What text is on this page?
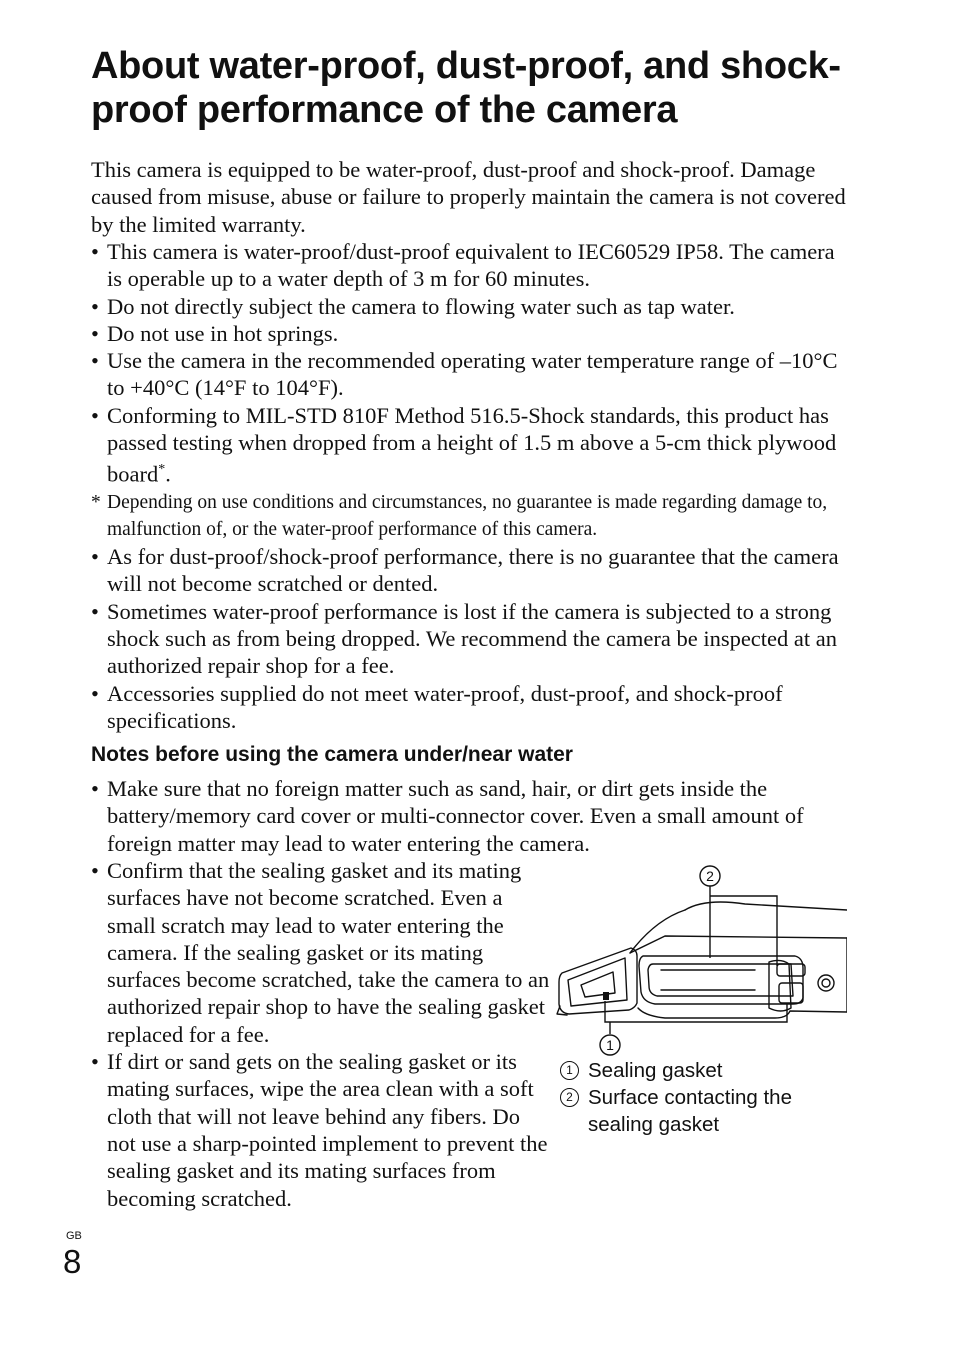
About water-proof, dust-proof, and shock-proof performance of the camera

This camera is equipped to be water-proof, dust-proof and shock-proof. Damage caused from misuse, abuse or failure to properly maintain the camera is not covered by the limited warranty.

• This camera is water-proof/dust-proof equivalent to IEC60529 IP58. The camera is operable up to a water depth of 3 m for 60 minutes.
• Do not directly subject the camera to flowing water such as tap water.
• Do not use in hot springs.
• Use the camera in the recommended operating water temperature range of –10°C to +40°C (14°F to 104°F).
• Conforming to MIL-STD 810F Method 516.5-Shock standards, this product has passed testing when dropped from a height of 1.5 m above a 5-cm thick plywood board*.

* Depending on use conditions and circumstances, no guarantee is made regarding damage to, malfunction of, or the water-proof performance of this camera.

• As for dust-proof/shock-proof performance, there is no guarantee that the camera will not become scratched or dented.
• Sometimes water-proof performance is lost if the camera is subjected to a strong shock such as from being dropped. We recommend the camera be inspected at an authorized repair shop for a fee.
• Accessories supplied do not meet water-proof, dust-proof, and shock-proof specifications.
Notes before using the camera under/near water
• Make sure that no foreign matter such as sand, hair, or dirt gets inside the battery/memory card cover or multi-connector cover. Even a small amount of foreign matter may lead to water entering the camera.
• Confirm that the sealing gasket and its mating surfaces have not become scratched. Even a small scratch may lead to water entering the camera. If the sealing gasket or its mating surfaces become scratched, take the camera to an authorized repair shop to have the sealing gasket replaced for a fee.
• If dirt or sand gets on the sealing gasket or its mating surfaces, wipe the area clean with a soft cloth that will not leave behind any fibers. Do not use a sharp-pointed implement to prevent the sealing gasket and its mating surfaces from becoming scratched.
2
1
1 Sealing gasket
2 Surface contacting the sealing gasket
GB
8
